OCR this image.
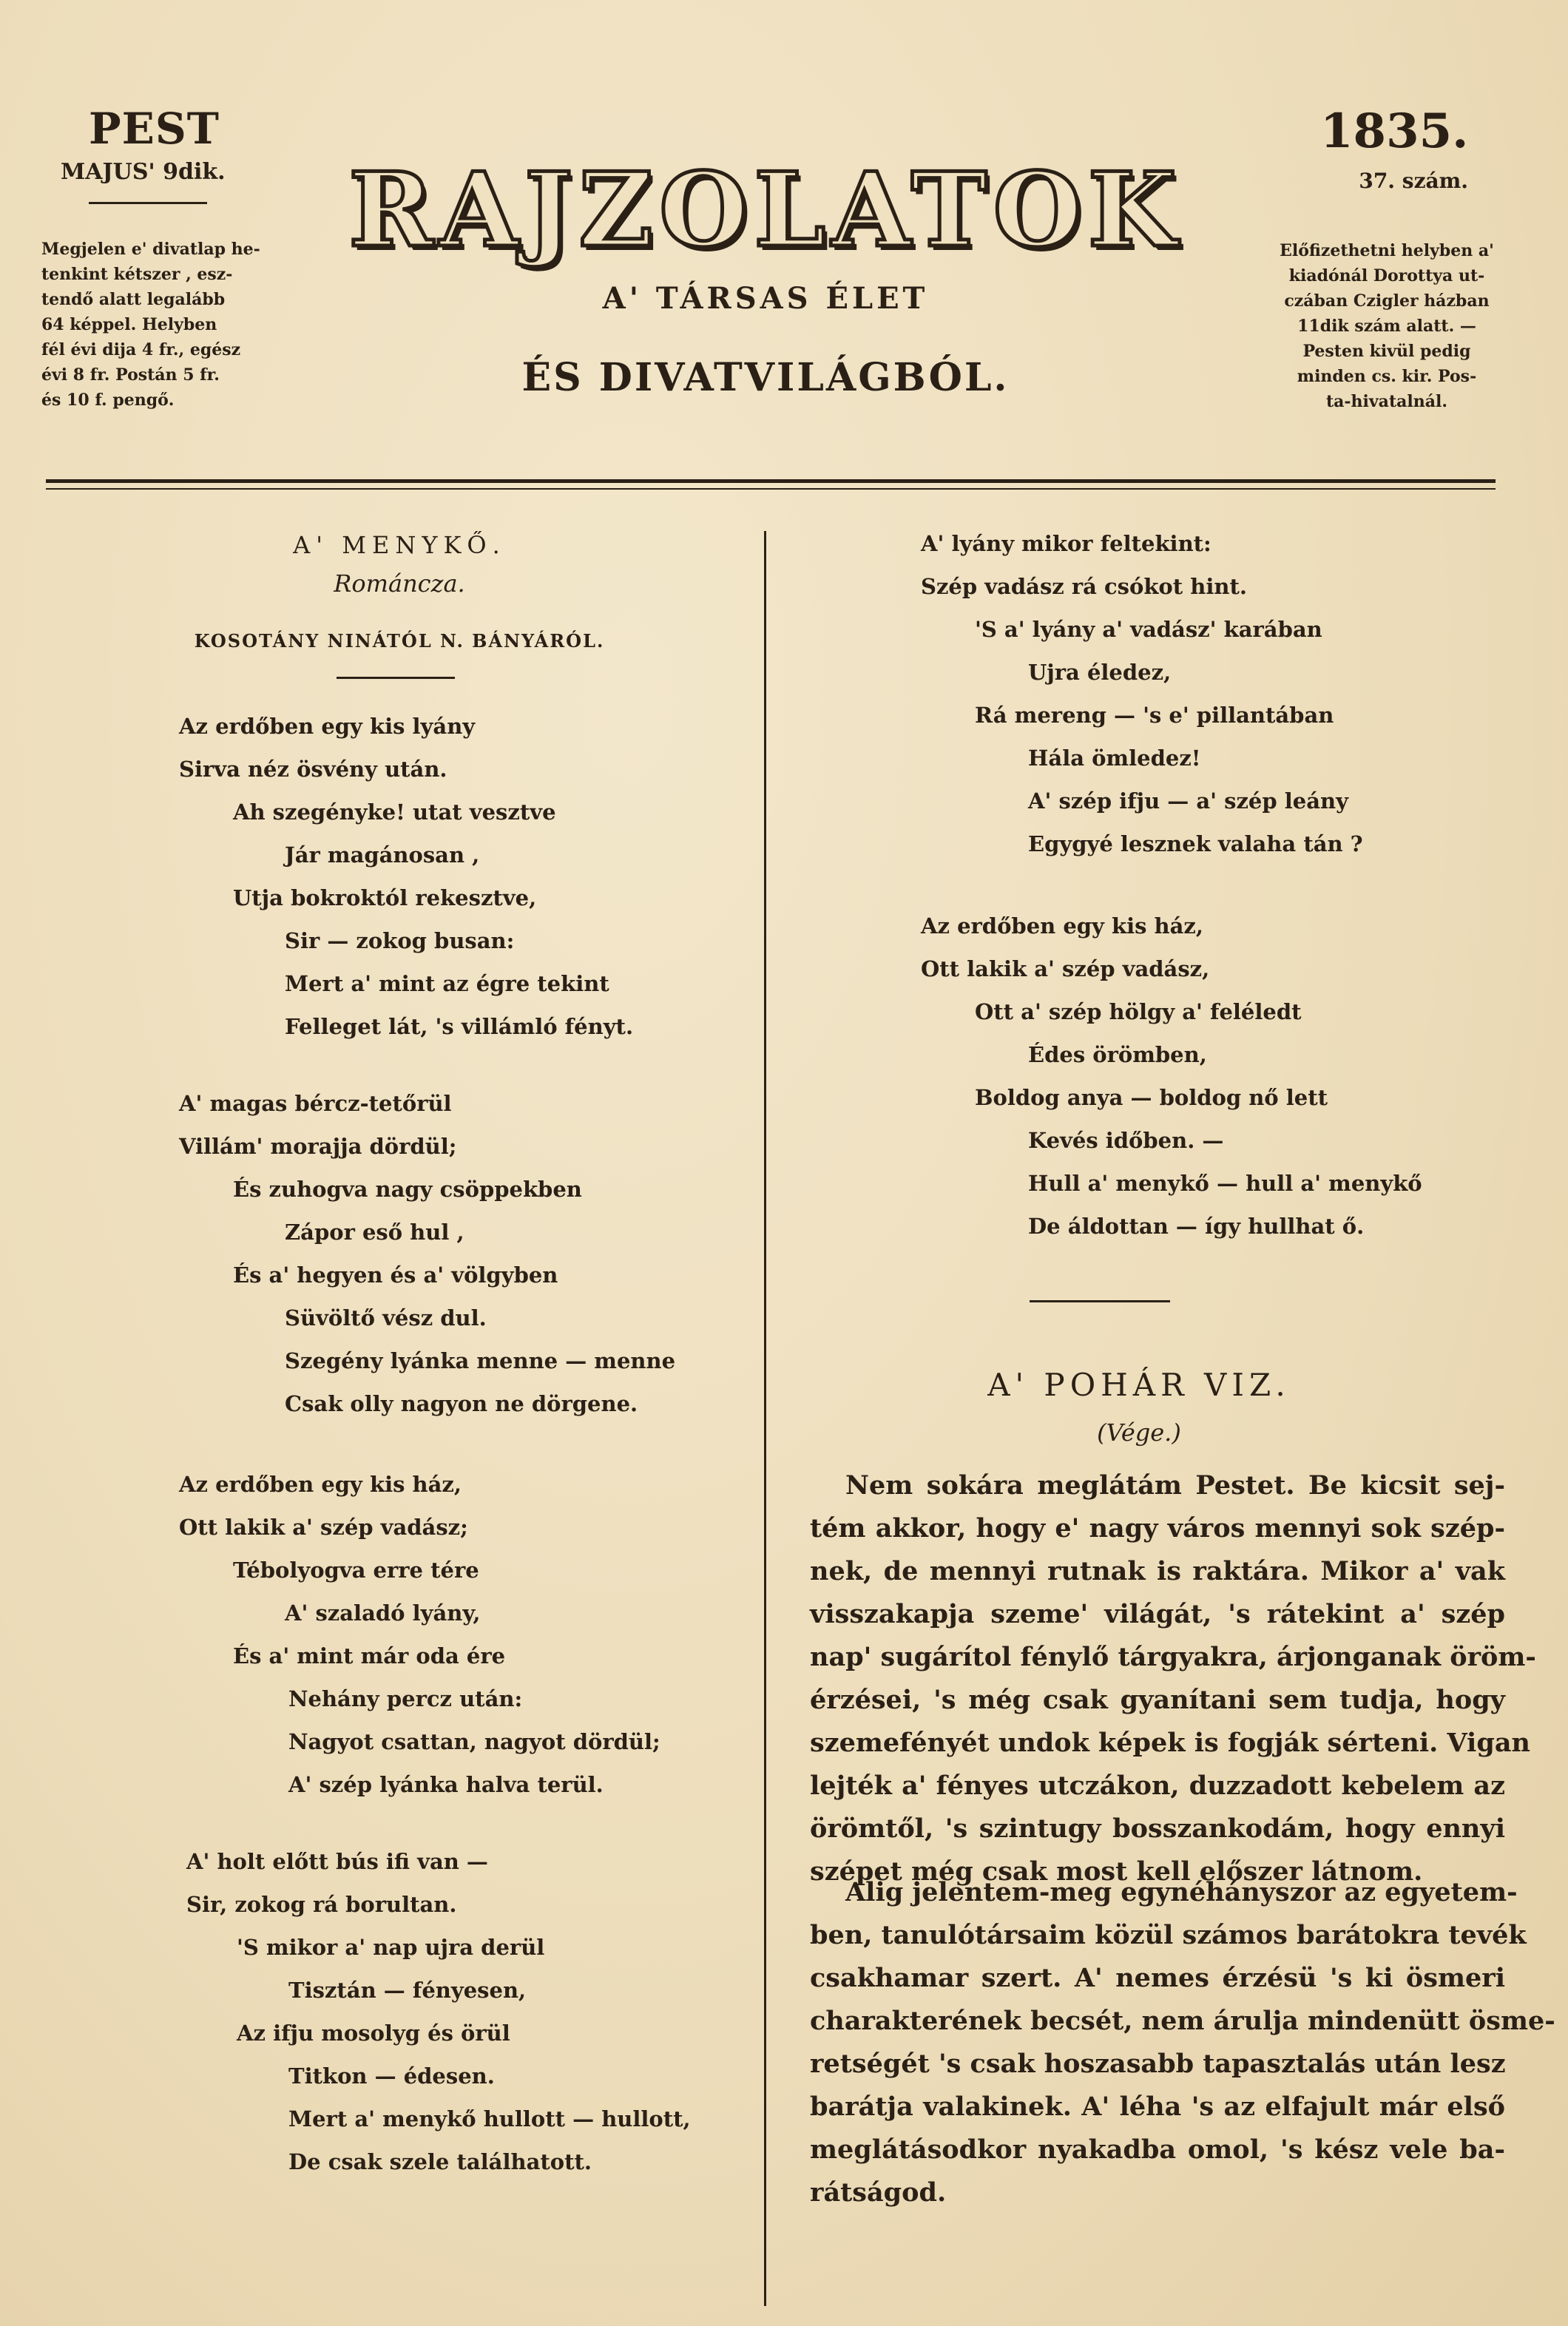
PEST
MAJUS' 9dik.
Megjelen e' divatlap he-
tenkint kétszer , esz-
tendő alatt legalább
64 képpel. Helyben
fél évi dija 4 fr., egész
évi 8 fr. Postán 5 fr.
és 10 f. pengő.
RAJZOLATOK
A' TÁRSAS ÉLET
ÉS DIVATVILÁGBÓL.
1835.
37. szám.
Előfizethetni helyben a'
kiadónál Dorottya ut-
czában Czigler házban
11dik szám alatt. —
Pesten kivül pedig
minden cs. kir. Pos-
ta-hivatalnál.
A' MENYKŐ.
Románcza.
KOSOTÁNY NINÁTÓL N. BÁNYÁRÓL.
Az erdőben egy kis lyány
Sirva néz ösvény után.
Ah szegényke! utat vesztve
Jár magánosan ,
Utja bokroktól rekesztve,
Sir — zokog busan:
Mert a' mint az égre tekint
Felleget lát, 's villámló fényt.
A' magas bércz-tetőrül
Villám' morajja dördül;
És zuhogva nagy csöppekben
Zápor eső hul ,
És a' hegyen és a' völgyben
Süvöltő vész dul.
Szegény lyánka menne — menne
Csak olly nagyon ne dörgene.
Az erdőben egy kis ház,
Ott lakik a' szép vadász;
Tébolyogva erre tére
A' szaladó lyány,
És a' mint már oda ére
Nehány percz után:
Nagyot csattan, nagyot dördül;
A' szép lyánka halva terül.
A' holt előtt bús ifi van —
Sir, zokog rá borultan.
'S mikor a' nap ujra derül
Tisztán — fényesen,
Az ifju mosolyg és örül
Titkon — édesen.
Mert a' menykő hullott — hullott,
De csak szele találhatott.
A' lyány mikor feltekint:
Szép vadász rá csókot hint.
'S a' lyány a' vadász' karában
Ujra éledez,
Rá mereng — 's e' pillantában
Hála ömledez!
A' szép ifju — a' szép leány
Egygyé lesznek valaha tán ?
Az erdőben egy kis ház,
Ott lakik a' szép vadász,
Ott a' szép hölgy a' feléledt
Édes örömben,
Boldog anya — boldog nő lett
Kevés időben. —
Hull a' menykő — hull a' menykő
De áldottan — így hullhat ő.
A' POHÁR VIZ.
(Vége.)
Nem sokára meglátám Pestet. Be kicsit sej-
tém akkor, hogy e' nagy város mennyi sok szép-
nek, de mennyi rutnak is raktára. Mikor a' vak
visszakapja szeme' világát, 's rátekint a' szép
nap' sugárítol fénylő tárgyakra, árjonganak öröm-
érzései, 's még csak gyanítani sem tudja, hogy
szemefényét undok képek is fogják sérteni. Vigan
lejték a' fényes utczákon, duzzadott kebelem az
örömtől, 's szintugy bosszankodám, hogy ennyi
szépet még csak most kell előszer látnom.
Alig jelentem-meg egynéhányszor az egyetem-
ben, tanulótársaim közül számos barátokra tevék
csakhamar szert. A' nemes érzésü 's ki ösmeri
charakterének becsét, nem árulja mindenütt ösme-
retségét 's csak hoszasabb tapasztalás után lesz
barátja valakinek. A' léha 's az elfajult már első
meglátásodkor nyakadba omol, 's kész vele ba-
rátságod.
